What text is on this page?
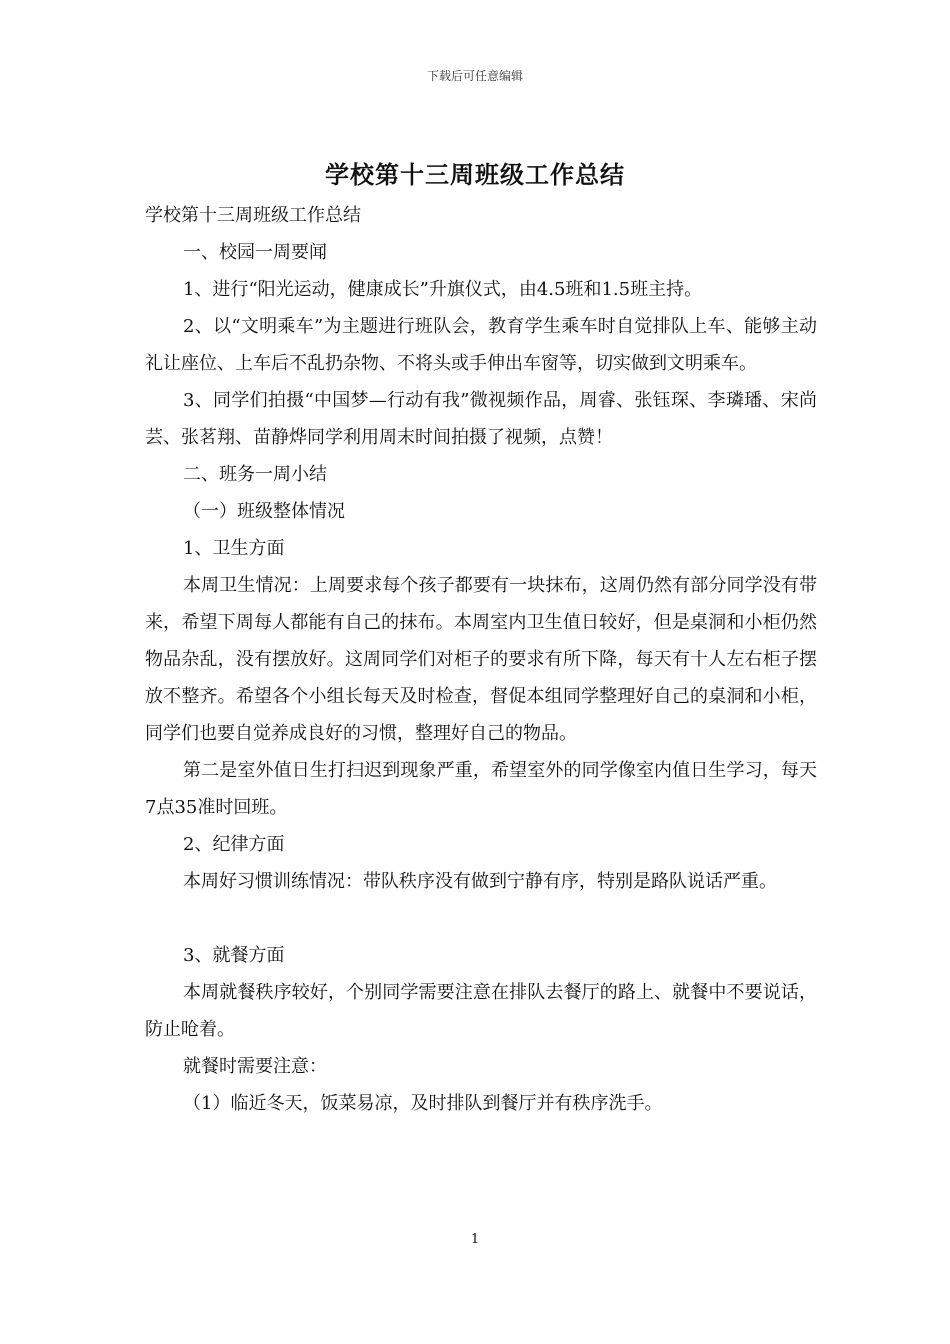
下载后可任意编辑
学校第十三周班级工作总结

学校第十三周班级工作总结

一、校园一周要闻

1、进行“阳光运动，健康成长”升旗仪式，由4.5班和1.5班主持。

2、以“文明乘车”为主题进行班队会，教育学生乘车时自觉排队上车、能够主动礼让座位、上车后不乱扔杂物、不将头或手伸出车窗等，切实做到文明乘车。

3、同学们拍摄“中国梦—行动有我”微视频作品，周睿、张钰琛、李璘璠、宋尚芸、张茗翔、苗静烨同学利用周末时间拍摄了视频，点赞！

二、班务一周小结

（一）班级整体情况

1、卫生方面

本周卫生情况：上周要求每个孩子都要有一块抹布，这周仍然有部分同学没有带来，希望下周每人都能有自己的抹布。本周室内卫生值日较好，但是桌洞和小柜仍然物品杂乱，没有摆放好。这周同学们对柜子的要求有所下降，每天有十人左右柜子摆放不整齐。希望各个小组长每天及时检查，督促本组同学整理好自己的桌洞和小柜，同学们也要自觉养成良好的习惯，整理好自己的物品。

第二是室外值日生打扫迟到现象严重，希望室外的同学像室内值日生学习，每天7点35准时回班。

2、纪律方面

本周好习惯训练情况：带队秩序没有做到宁静有序，特别是路队说话严重。

3、就餐方面

本周就餐秩序较好，个别同学需要注意在排队去餐厅的路上、就餐中不要说话，防止呛着。

就餐时需要注意：

（1）临近冬天，饭菜易凉，及时排队到餐厅并有秩序洗手。

1
